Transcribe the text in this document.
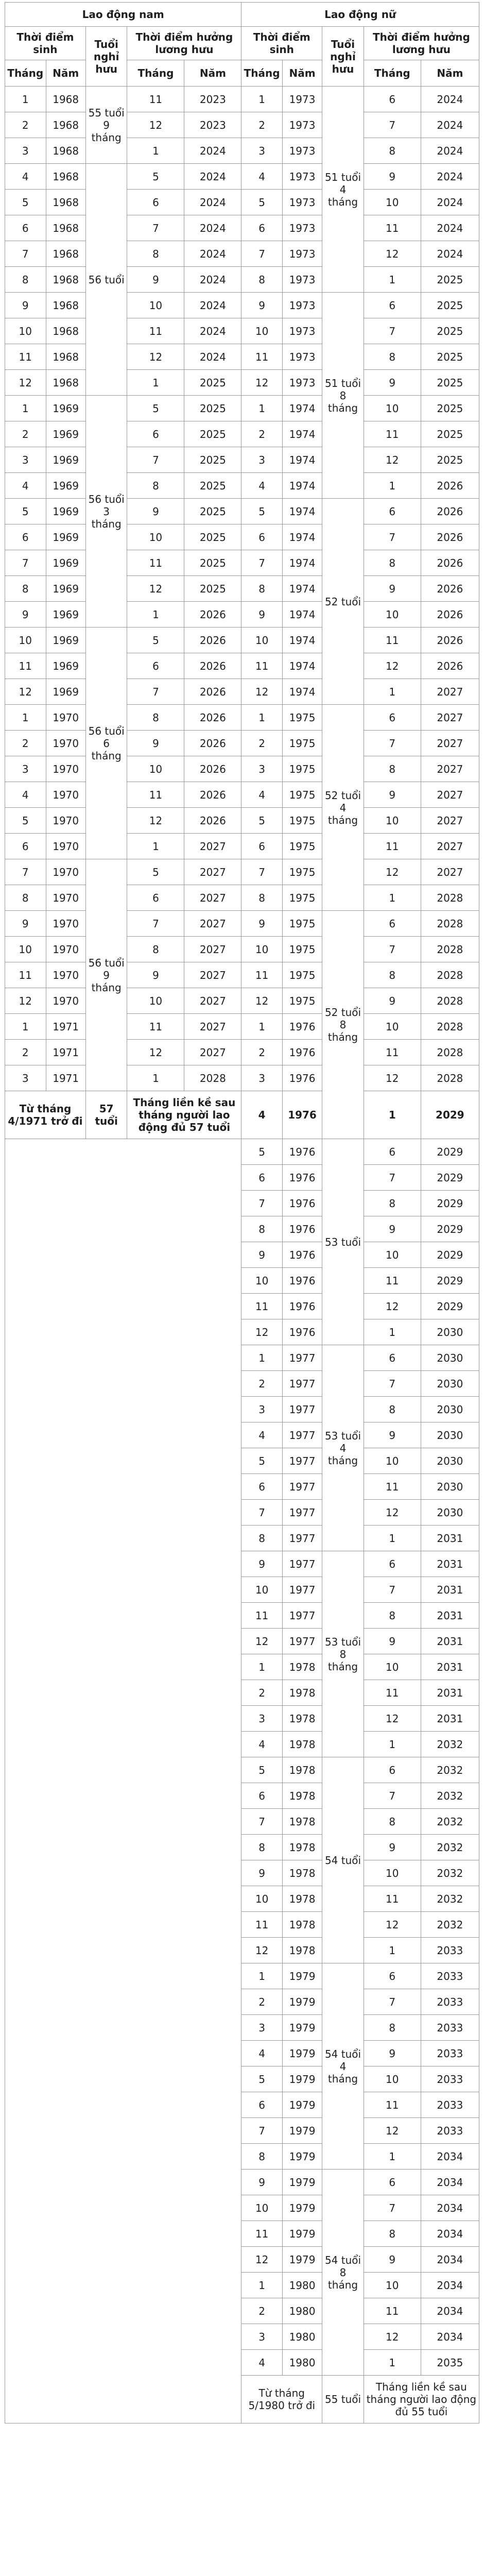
Lao động nam					Lao động nữ				
Thời điểm sinh		Tuổi nghỉ hưu	Thời điểm hưởng lương hưu		Thời điểm sinh		Tuổi nghỉ hưu	Thời điểm hưởng lương hưu	
Tháng	Năm		Tháng	Năm	Tháng	Năm		Tháng	Năm
1	1968	55 tuổi 9 tháng	11	2023	1	1973	51 tuổi 4 tháng	6	2024
2	1968		12	2023	2	1973		7	2024
3	1968		1	2024	3	1973		8	2024
4	1968	56 tuổi	5	2024	4	1973		9	2024
5	1968		6	2024	5	1973		10	2024
6	1968		7	2024	6	1973		11	2024
7	1968		8	2024	7	1973		12	2024
8	1968		9	2024	8	1973		1	2025
9	1968		10	2024	9	1973	51 tuổi 8 tháng	6	2025
10	1968		11	2024	10	1973		7	2025
11	1968		12	2024	11	1973		8	2025
12	1968		1	2025	12	1973		9	2025
1	1969	56 tuổi 3 tháng	5	2025	1	1974		10	2025
2	1969		6	2025	2	1974		11	2025
3	1969		7	2025	3	1974		12	2025
4	1969		8	2025	4	1974		1	2026
5	1969		9	2025	5	1974	52 tuổi	6	2026
6	1969		10	2025	6	1974		7	2026
7	1969		11	2025	7	1974		8	2026
8	1969		12	2025	8	1974		9	2026
9	1969		1	2026	9	1974		10	2026
10	1969	56 tuổi 6 tháng	5	2026	10	1974		11	2026
11	1969		6	2026	11	1974		12	2026
12	1969		7	2026	12	1974		1	2027
1	1970		8	2026	1	1975	52 tuổi 4 tháng	6	2027
2	1970		9	2026	2	1975		7	2027
3	1970		10	2026	3	1975		8	2027
4	1970		11	2026	4	1975		9	2027
5	1970		12	2026	5	1975		10	2027
6	1970		1	2027	6	1975		11	2027
7	1970	56 tuổi 9 tháng	5	2027	7	1975		12	2027
8	1970		6	2027	8	1975		1	2028
9	1970		7	2027	9	1975	52 tuổi 8 tháng	6	2028
10	1970		8	2027	10	1975		7	2028
11	1970		9	2027	11	1975		8	2028
12	1970		10	2027	12	1975		9	2028
1	1971		11	2027	1	1976		10	2028
2	1971		12	2027	2	1976		11	2028
3	1971		1	2028	3	1976		12	2028
Từ tháng 4/1971 trở đi		57 tuổi	Tháng liền kề sau tháng người lao động đủ 57 tuổi		4	1976		1	2029
					5	1976	53 tuổi	6	2029
					6	1976		7	2029
					7	1976		8	2029
					8	1976		9	2029
					9	1976		10	2029
					10	1976		11	2029
					11	1976		12	2029
					12	1976		1	2030
					1	1977	53 tuổi 4 tháng	6	2030
					2	1977		7	2030
					3	1977		8	2030
					4	1977		9	2030
					5	1977		10	2030
					6	1977		11	2030
					7	1977		12	2030
					8	1977		1	2031
					9	1977	53 tuổi 8 tháng	6	2031
					10	1977		7	2031
					11	1977		8	2031
					12	1977		9	2031
					1	1978		10	2031
					2	1978		11	2031
					3	1978		12	2031
					4	1978		1	2032
					5	1978	54 tuổi	6	2032
					6	1978		7	2032
					7	1978		8	2032
					8	1978		9	2032
					9	1978		10	2032
					10	1978		11	2032
					11	1978		12	2032
					12	1978		1	2033
					1	1979	54 tuổi 4 tháng	6	2033
					2	1979		7	2033
					3	1979		8	2033
					4	1979		9	2033
					5	1979		10	2033
					6	1979		11	2033
					7	1979		12	2033
					8	1979		1	2034
					9	1979	54 tuổi 8 tháng	6	2034
					10	1979		7	2034
					11	1979		8	2034
					12	1979		9	2034
					1	1980		10	2034
					2	1980		11	2034
					3	1980		12	2034
					4	1980		1	2035
					Từ tháng 5/1980 trở đi		55 tuổi	Tháng liền kề sau tháng người lao động đủ 55 tuổi	
